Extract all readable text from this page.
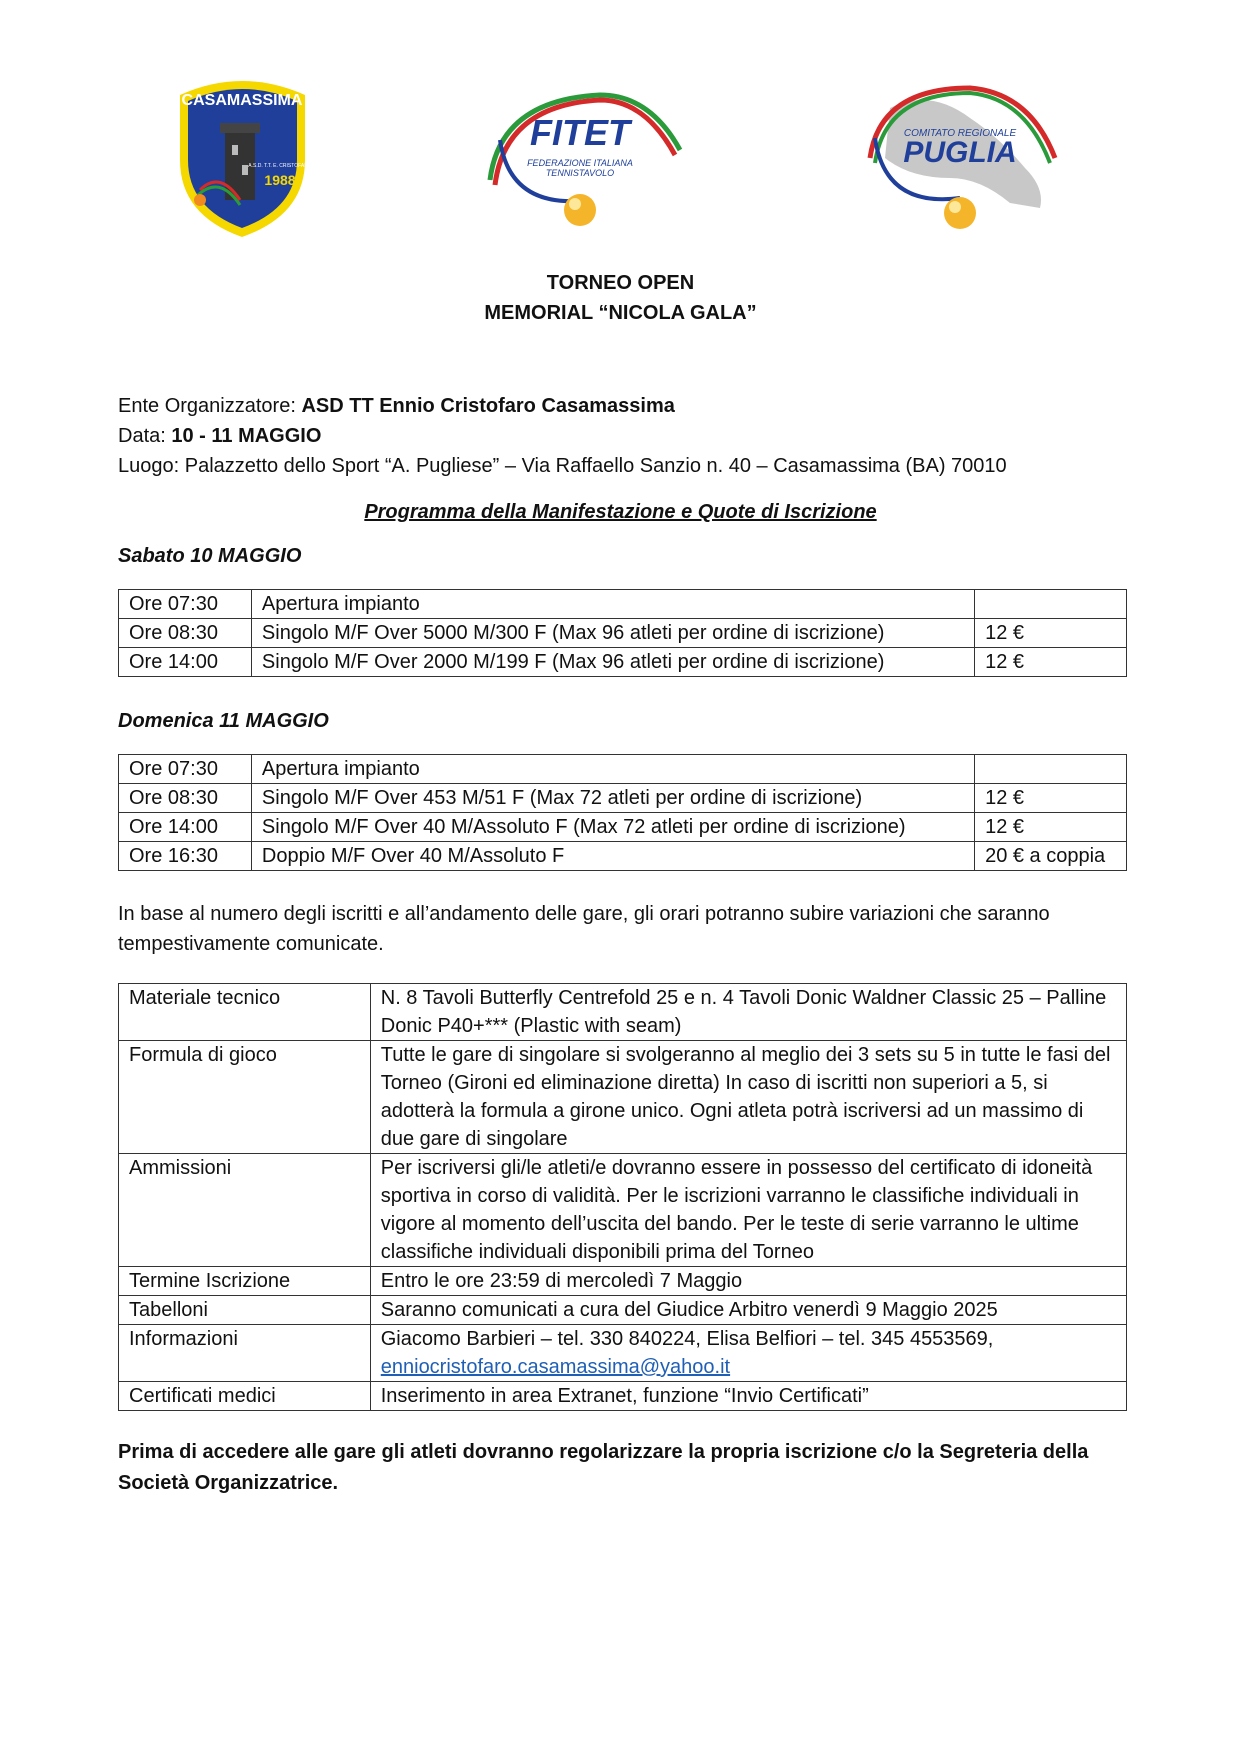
CASAMASSIMA
A.S.D. T.T. E. CRISTOFARO
1988
FITET
FEDERAZIONE ITALIANA
TENNISTAVOLO
COMITATO REGIONALE
PUGLIA
TORNEO OPEN
MEMORIAL “NICOLA GALA”
Ente Organizzatore: ASD TT Ennio Cristofaro Casamassima
Data: 10 - 11 MAGGIO
Luogo: Palazzetto dello Sport “A. Pugliese” – Via Raffaello Sanzio n. 40 – Casamassima (BA) 70010
Programma della Manifestazione e Quote di Iscrizione
Sabato 10 MAGGIO
Ore 07:30	Apertura impianto	
Ore 08:30	Singolo M/F Over 5000 M/300 F (Max 96 atleti per ordine di iscrizione)	12 €
Ore 14:00	Singolo M/F Over 2000 M/199 F (Max 96 atleti per ordine di iscrizione)	12 €
Domenica 11 MAGGIO
Ore 07:30	Apertura impianto	
Ore 08:30	Singolo M/F Over 453 M/51 F (Max 72 atleti per ordine di iscrizione)	12 €
Ore 14:00	Singolo M/F Over 40 M/Assoluto F (Max 72 atleti per ordine di iscrizione)	12 €
Ore 16:30	Doppio M/F Over 40 M/Assoluto F	20 € a coppia
In base al numero degli iscritti e all’andamento delle gare, gli orari potranno subire variazioni che saranno tempestivamente comunicate.
Materiale tecnico	N. 8 Tavoli Butterfly Centrefold 25 e n. 4 Tavoli Donic Waldner Classic 25 – Palline Donic P40+*** (Plastic with seam)
Formula di gioco	Tutte le gare di singolare si svolgeranno al meglio dei 3 sets su 5 in tutte le fasi del Torneo (Gironi ed eliminazione diretta) In caso di iscritti non superiori a 5, si adotterà la formula a girone unico. Ogni atleta potrà iscriversi ad un massimo di due gare di singolare
Ammissioni	Per iscriversi gli/le atleti/e dovranno essere in possesso del certificato di idoneità sportiva in corso di validità. Per le iscrizioni varranno le classifiche individuali in vigore al momento dell’uscita del bando. Per le teste di serie varranno le ultime classifiche individuali disponibili prima del Torneo
Termine Iscrizione	Entro le ore 23:59 di mercoledì 7 Maggio
Tabelloni	Saranno comunicati a cura del Giudice Arbitro venerdì 9 Maggio 2025
Informazioni	Giacomo Barbieri – tel. 330 840224, Elisa Belfiori – tel. 345 4553569,
enniocristofaro.casamassima@yahoo.it
Certificati medici	Inserimento in area Extranet, funzione “Invio Certificati”
Prima di accedere alle gare gli atleti dovranno regolarizzare la propria iscrizione c/o la Segreteria della Società Organizzatrice.
